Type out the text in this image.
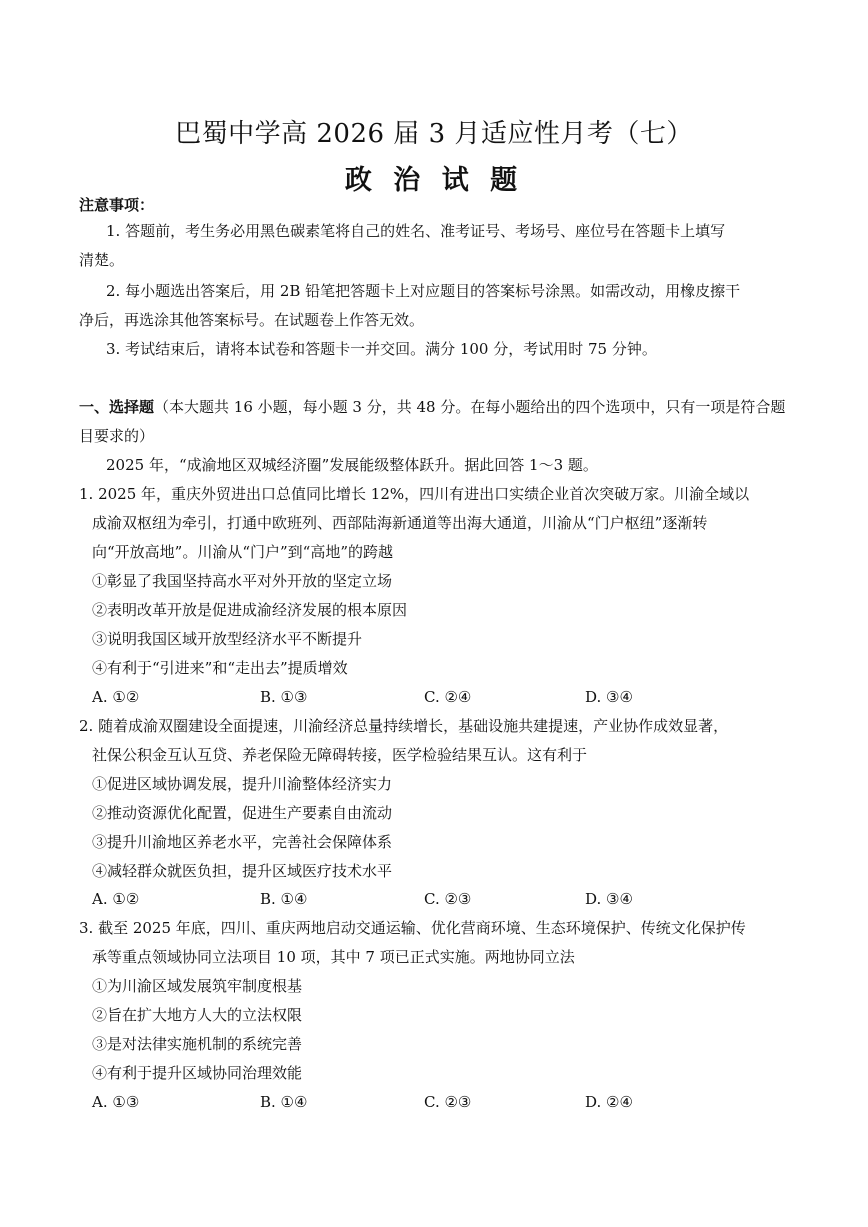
巴蜀中学高 2026 届 3 月适应性月考（七）
政 治 试 题
注意事项：
1. 答题前，考生务必用黑色碳素笔将自己的姓名、准考证号、考场号、座位号在答题卡上填写
清楚。
2. 每小题选出答案后，用 2B 铅笔把答题卡上对应题目的答案标号涂黑。如需改动，用橡皮擦干
净后，再选涂其他答案标号。在试题卷上作答无效。
3. 考试结束后，请将本试卷和答题卡一并交回。满分 100 分，考试用时 75 分钟。
一、选择题（本大题共 16 小题，每小题 3 分，共 48 分。在每小题给出的四个选项中，只有一项是符合题
目要求的）
2025 年，“成渝地区双城经济圈”发展能级整体跃升。据此回答 1～3 题。
1. 2025 年，重庆外贸进出口总值同比增长 12%，四川有进出口实绩企业首次突破万家。川渝全域以
成渝双枢纽为牵引，打通中欧班列、西部陆海新通道等出海大通道，川渝从“门户枢纽”逐渐转
向“开放高地”。川渝从“门户”到“高地”的跨越
①彰显了我国坚持高水平对外开放的坚定立场
②表明改革开放是促进成渝经济发展的根本原因
③说明我国区域开放型经济水平不断提升
④有利于“引进来”和“走出去”提质增效
A. ①②	B. ①③	C. ②④	D. ③④
2. 随着成渝双圈建设全面提速，川渝经济总量持续增长，基础设施共建提速，产业协作成效显著，
社保公积金互认互贷、养老保险无障碍转接，医学检验结果互认。这有利于
①促进区域协调发展，提升川渝整体经济实力
②推动资源优化配置，促进生产要素自由流动
③提升川渝地区养老水平，完善社会保障体系
④减轻群众就医负担，提升区域医疗技术水平
A. ①②	B. ①④	C. ②③	D. ③④
3. 截至 2025 年底，四川、重庆两地启动交通运输、优化营商环境、生态环境保护、传统文化保护传
承等重点领域协同立法项目 10 项，其中 7 项已正式实施。两地协同立法
①为川渝区域发展筑牢制度根基
②旨在扩大地方人大的立法权限
③是对法律实施机制的系统完善
④有利于提升区域协同治理效能
A. ①③	B. ①④	C. ②③	D. ②④
